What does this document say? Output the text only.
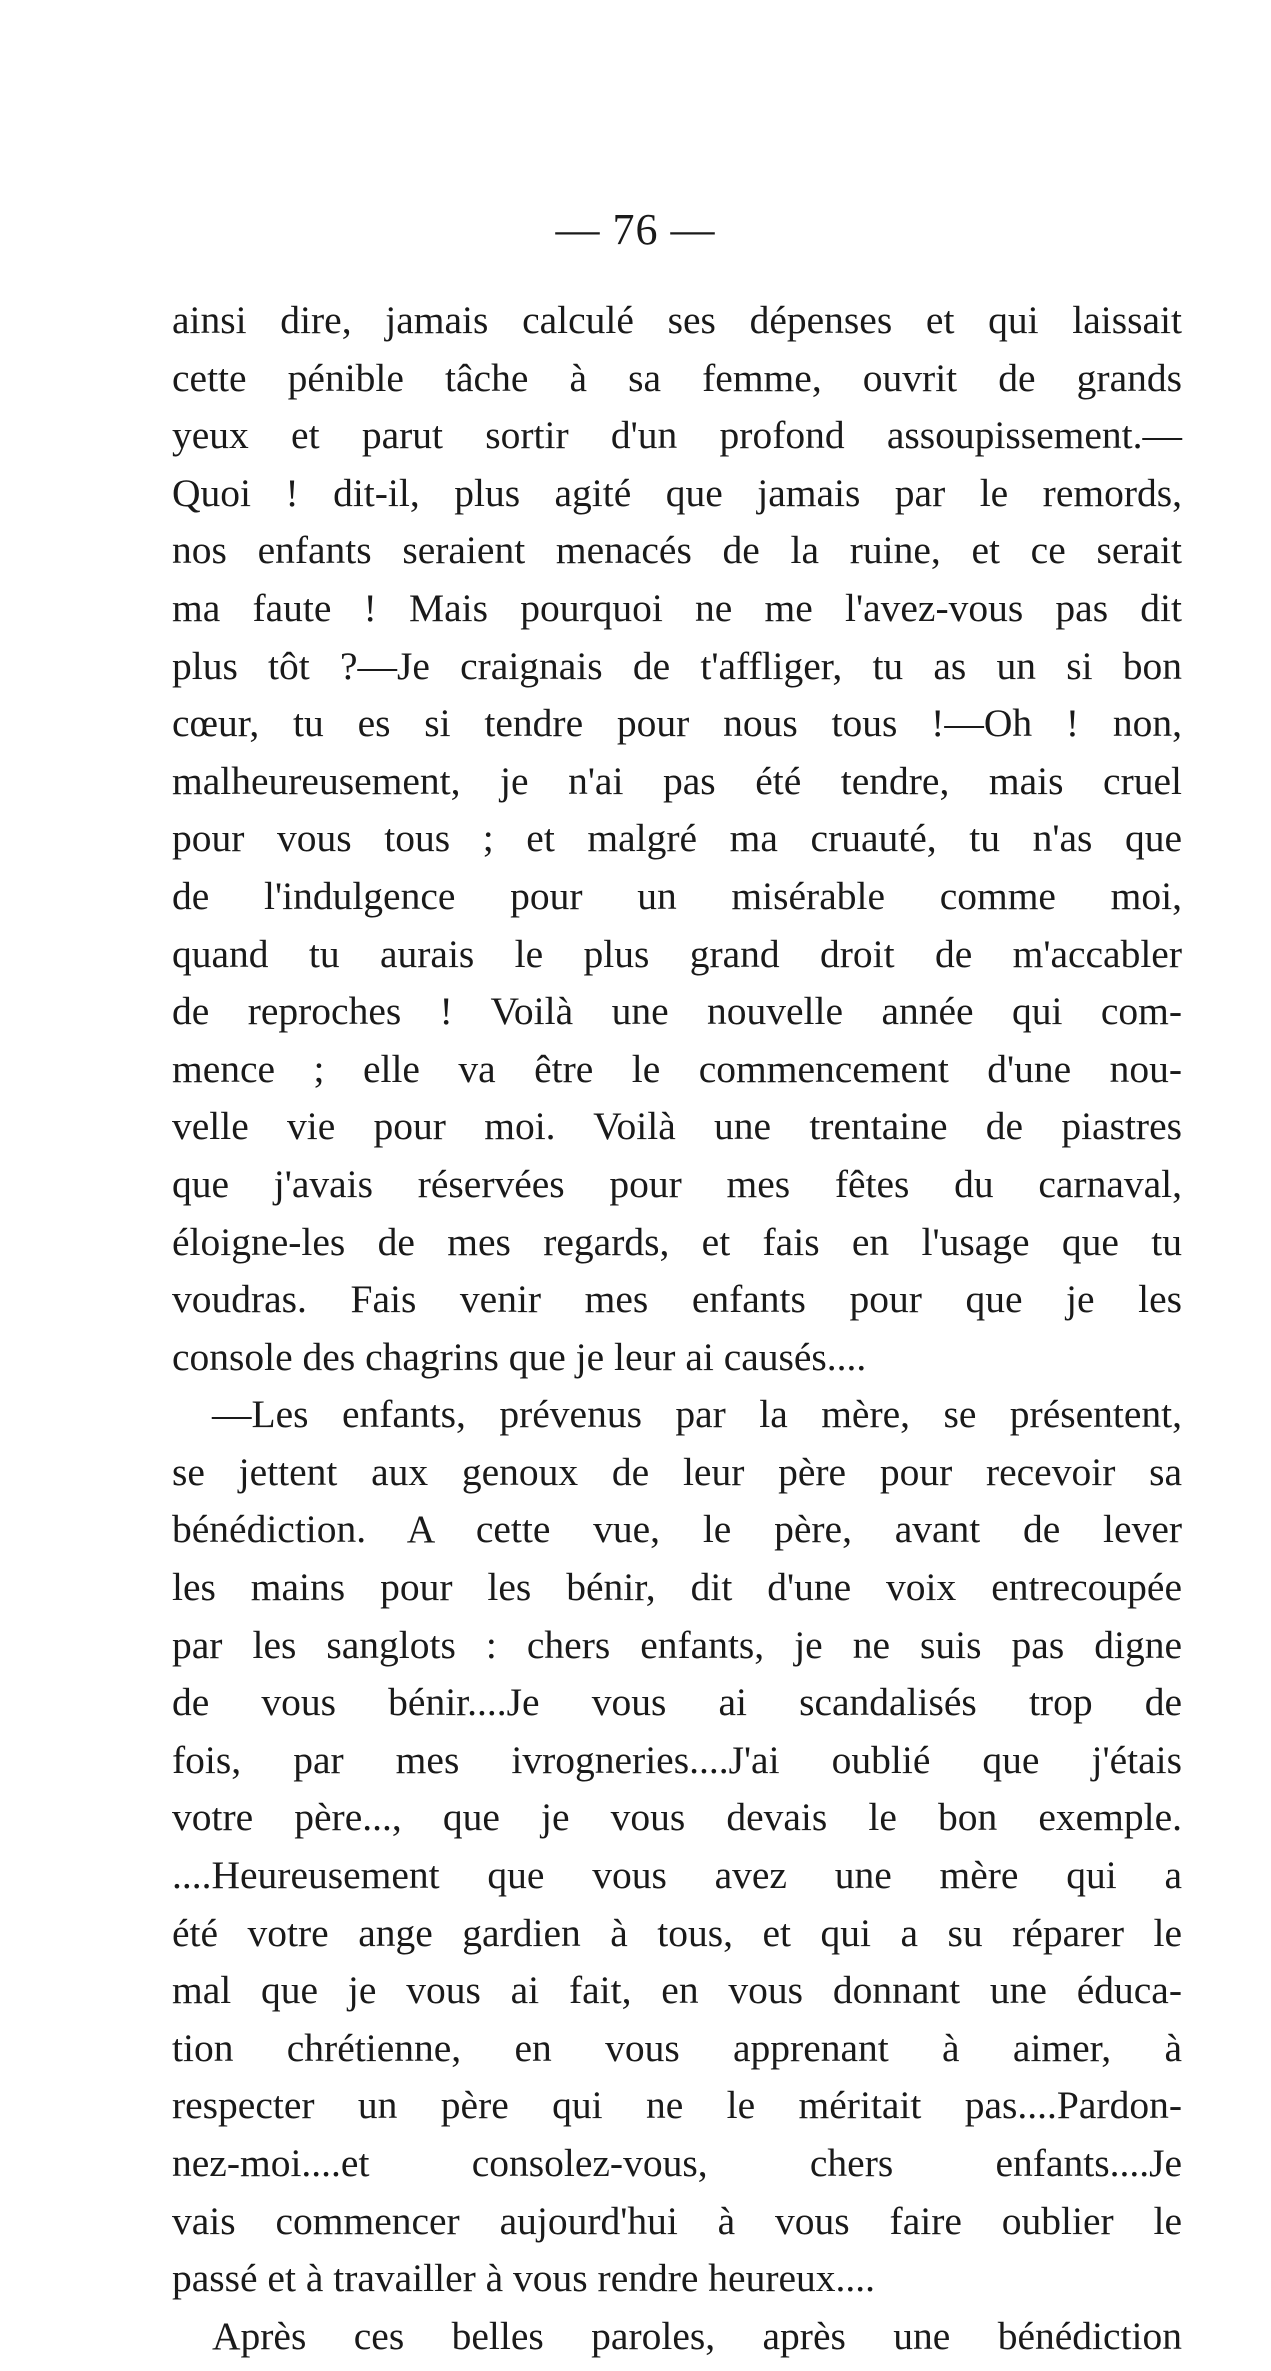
— 76 —
ainsi dire, jamais calculé ses dépenses et qui laissait
cette pénible tâche à sa femme, ouvrit de grands
yeux et parut sortir d'un profond assoupissement.—
Quoi ! dit-il, plus agité que jamais par le remords,
nos enfants seraient menacés de la ruine, et ce serait
ma faute ! Mais pourquoi ne me l'avez-vous pas dit
plus tôt ?—Je craignais de t'affliger, tu as un si bon
cœur, tu es si tendre pour nous tous !—Oh ! non,
malheureusement, je n'ai pas été tendre, mais cruel
pour vous tous ; et malgré ma cruauté, tu n'as que
de l'indulgence pour un misérable comme moi,
quand tu aurais le plus grand droit de m'accabler
de reproches ! Voilà une nouvelle année qui com-
mence ; elle va être le commencement d'une nou-
velle vie pour moi. Voilà une trentaine de piastres
que j'avais réservées pour mes fêtes du carnaval,
éloigne-les de mes regards, et fais en l'usage que tu
voudras. Fais venir mes enfants pour que je les
console des chagrins que je leur ai causés....
—Les enfants, prévenus par la mère, se présentent,
se jettent aux genoux de leur père pour recevoir sa
bénédiction. A cette vue, le père, avant de lever
les mains pour les bénir, dit d'une voix entrecoupée
par les sanglots : chers enfants, je ne suis pas digne
de vous bénir....Je vous ai scandalisés trop de
fois, par mes ivrogneries....J'ai oublié que j'étais
votre père..., que je vous devais le bon exemple.
....Heureusement que vous avez une mère qui a
été votre ange gardien à tous, et qui a su réparer le
mal que je vous ai fait, en vous donnant une éduca-
tion chrétienne, en vous apprenant à aimer, à
respecter un père qui ne le méritait pas....Pardon-
nez-moi....et consolez-vous, chers enfants....Je
vais commencer aujourd'hui à vous faire oublier le
passé et à travailler à vous rendre heureux....
Après ces belles paroles, après une bénédiction
